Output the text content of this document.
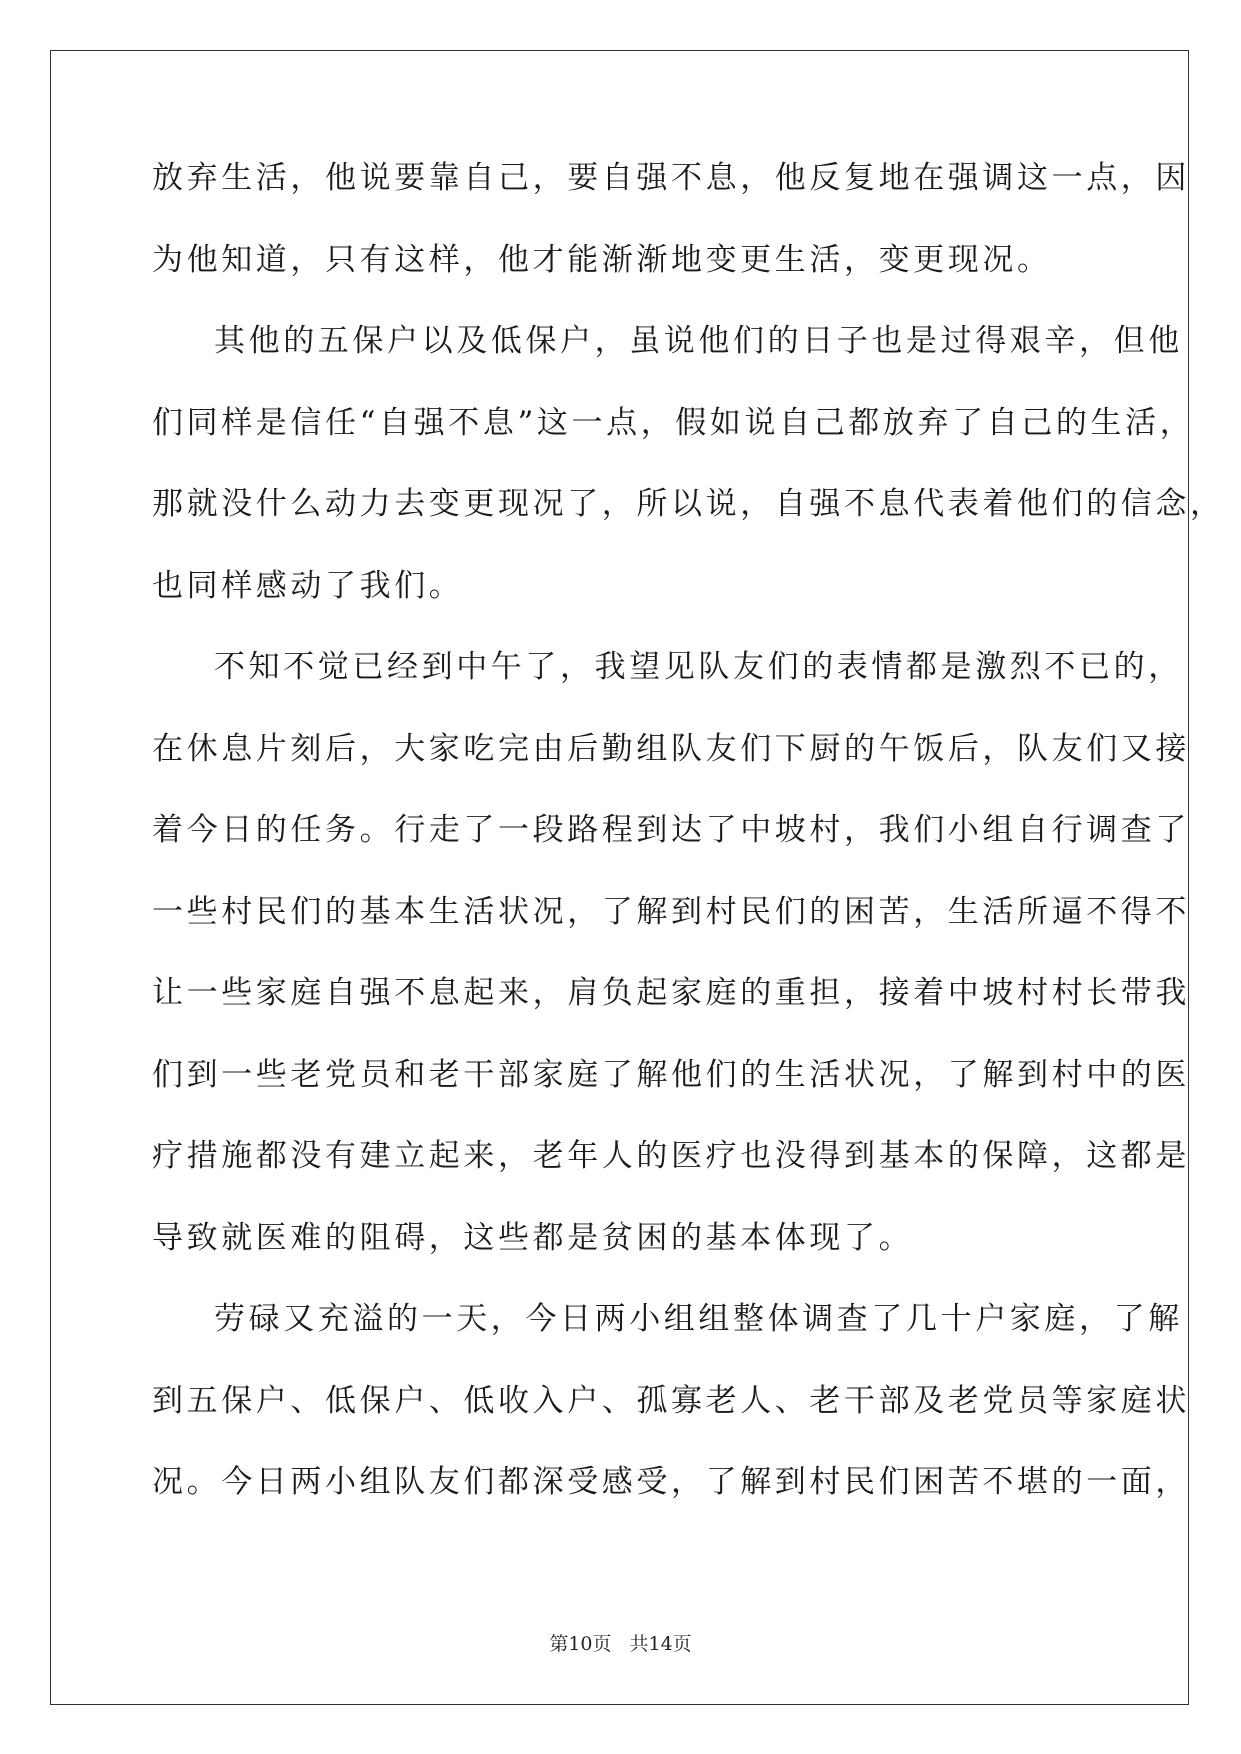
放弃生活，他说要靠自己，要自强不息，他反复地在强调这一点，因
为他知道，只有这样，他才能渐渐地变更生活，变更现况。
其他的五保户以及低保户，虽说他们的日子也是过得艰辛，但他
们同样是信任“自强不息”这一点，假如说自己都放弃了自己的生活，
那就没什么动力去变更现况了，所以说，自强不息代表着他们的信念，
也同样感动了我们。
不知不觉已经到中午了，我望见队友们的表情都是激烈不已的，
在休息片刻后，大家吃完由后勤组队友们下厨的午饭后，队友们又接
着今日的任务。行走了一段路程到达了中坡村，我们小组自行调查了
一些村民们的基本生活状况，了解到村民们的困苦，生活所逼不得不
让一些家庭自强不息起来，肩负起家庭的重担，接着中坡村村长带我
们到一些老党员和老干部家庭了解他们的生活状况，了解到村中的医
疗措施都没有建立起来，老年人的医疗也没得到基本的保障，这都是
导致就医难的阻碍，这些都是贫困的基本体现了。
劳碌又充溢的一天，今日两小组组整体调查了几十户家庭，了解
到五保户、低保户、低收入户、孤寡老人、老干部及老党员等家庭状
况。今日两小组队友们都深受感受，了解到村民们困苦不堪的一面，
第10页 共14页
